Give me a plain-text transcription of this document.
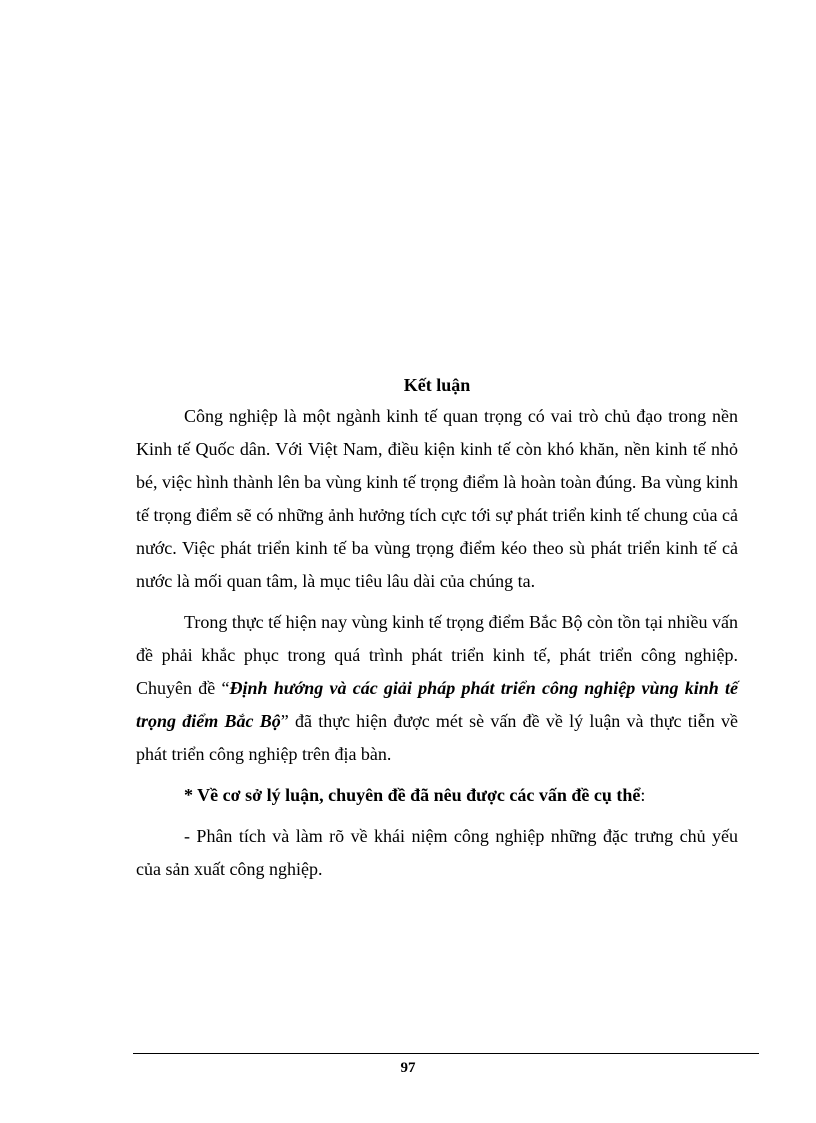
Kết luận

Công nghiệp là một ngành kinh tế quan trọng có vai trò chủ đạo trong nền Kinh tế Quốc dân. Với Việt Nam, điều kiện kinh tế còn khó khăn, nền kinh tế nhỏ bé, việc hình thành lên ba vùng kinh tế trọng điểm là hoàn toàn đúng. Ba vùng kinh tế trọng điểm sẽ có những ảnh hưởng tích cực tới sự phát triển kinh tế chung của cả nước. Việc phát triển kinh tế ba vùng trọng điểm kéo theo sù phát triển kinh tế cả nước là mối quan tâm, là mục tiêu lâu dài của chúng ta.

Trong thực tế hiện nay vùng kinh tế trọng điểm Bắc Bộ còn tồn tại nhiều vấn đề phải khắc phục trong quá trình phát triển kinh tế, phát triển công nghiệp. Chuyên đề “Định hướng và các giải pháp phát triển công nghiệp vùng kinh tế trọng điểm Bắc Bộ” đã thực hiện được mét sè vấn đề về lý luận và thực tiễn về phát triển công nghiệp trên địa bàn.

* Về cơ sở lý luận, chuyên đề đã nêu được các vấn đề cụ thể:

- Phân tích và làm rõ về khái niệm công nghiệp những đặc trưng chủ yếu của sản xuất công nghiệp.

97
